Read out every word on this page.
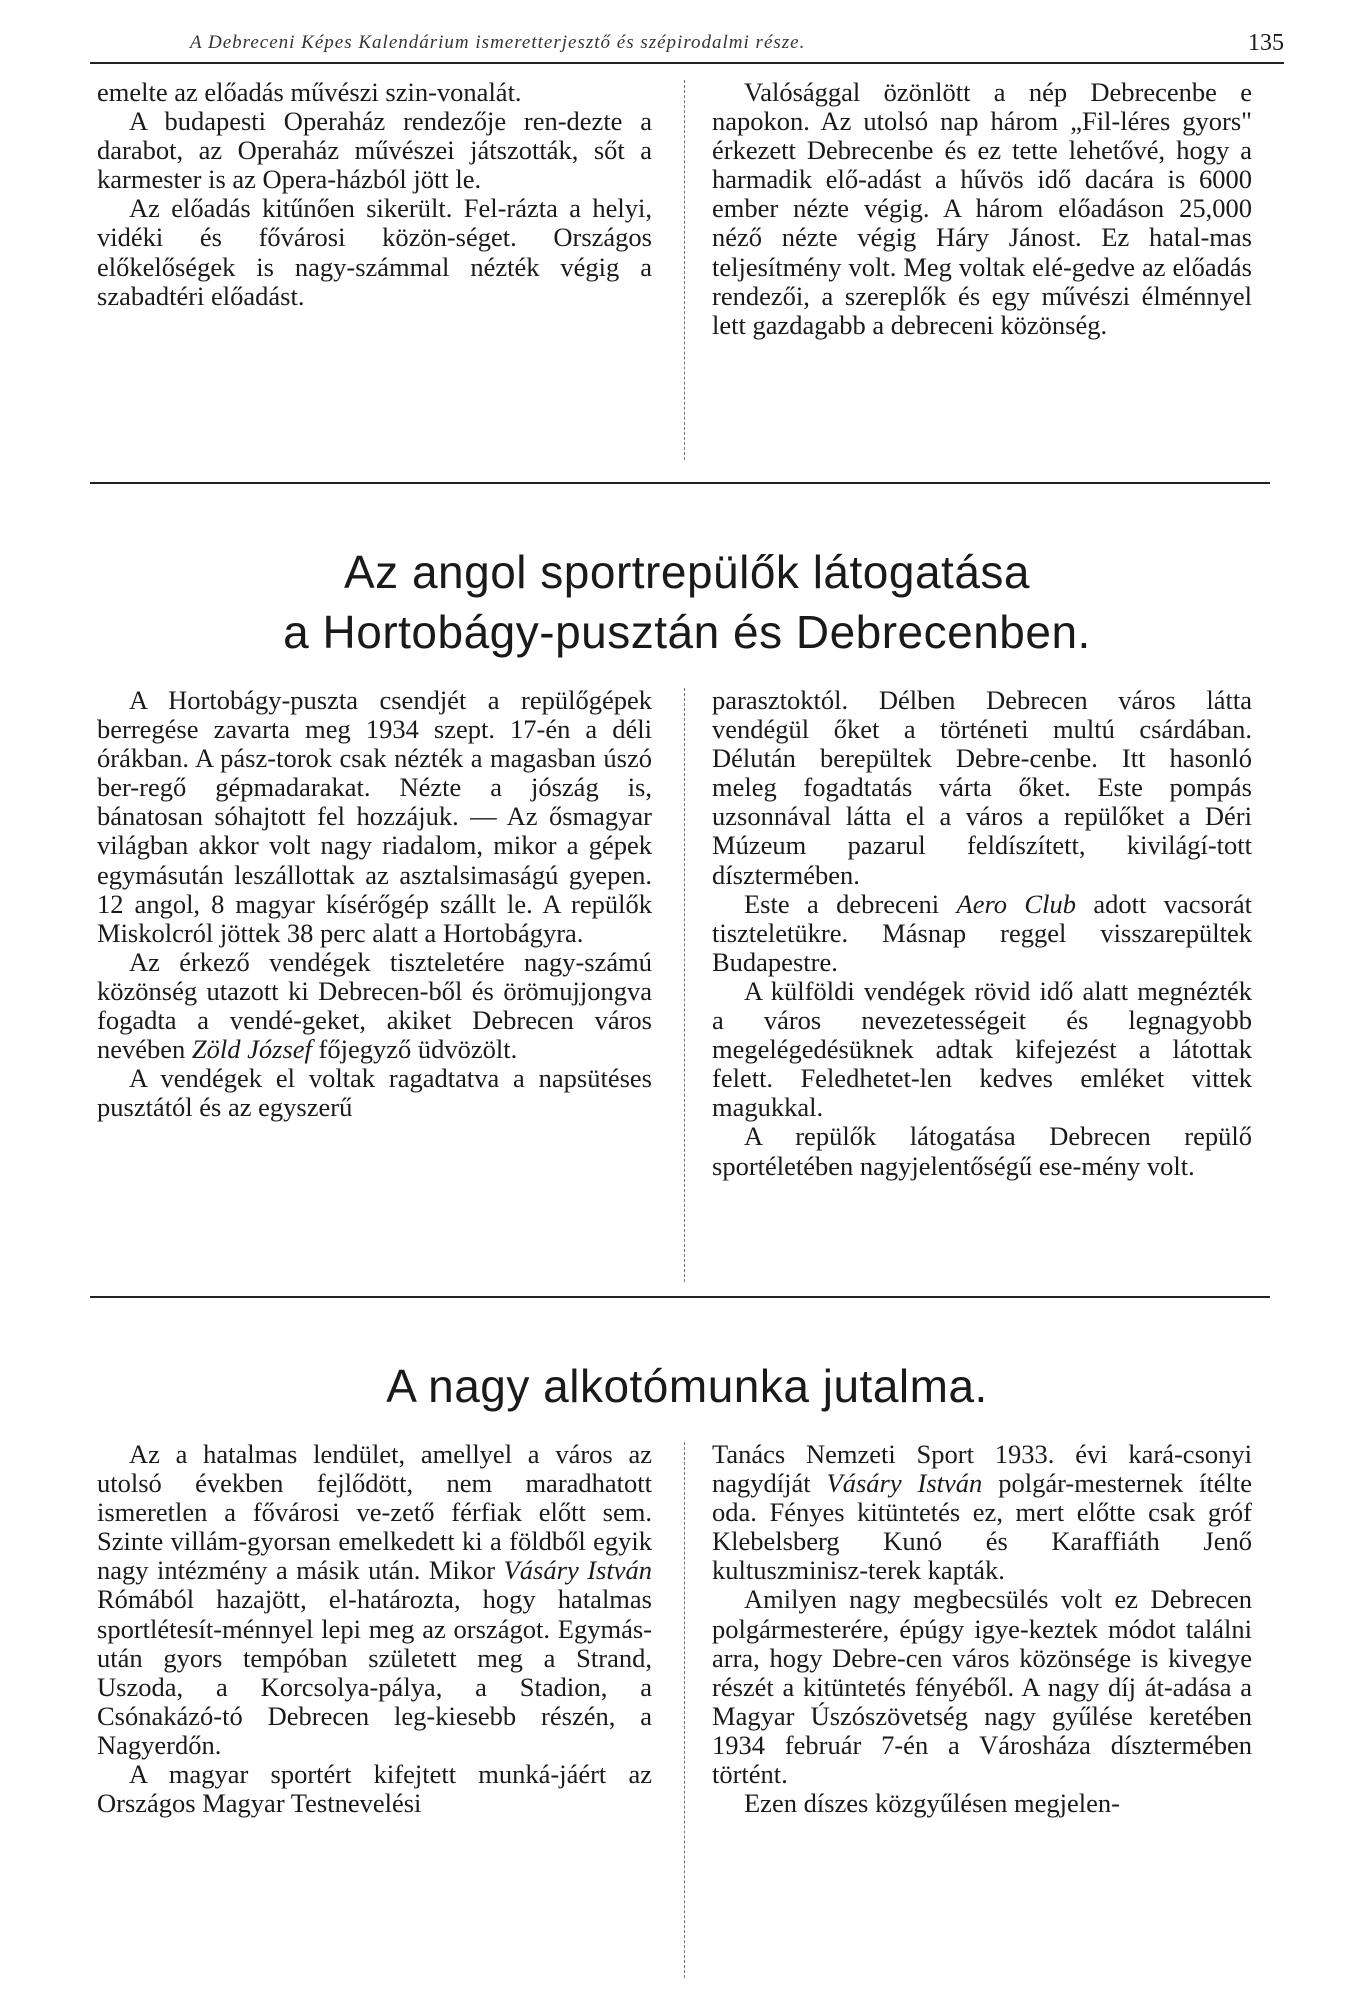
A Debreceni Képes Kalendárium ismeretterjesztő és szépirodalmi része.	135

emelte az előadás művészi szin-vonalát.

A budapesti Operaház rendezője ren-dezte a darabot, az Operaház művészei játszották, sőt a karmester is az Opera-házból jött le.

Az előadás kitűnően sikerült. Fel-rázta a helyi, vidéki és fővárosi közön-séget. Országos előkelőségek is nagy-számmal nézték végig a szabadtéri előadást.

Valósággal özönlött a nép Debrecenbe e napokon. Az utolsó nap három „Fil-léres gyors" érkezett Debrecenbe és ez tette lehetővé, hogy a harmadik elő-adást a hűvös idő dacára is 6000 ember nézte végig. A három előadáson 25,000 néző nézte végig Háry Jánost. Ez hatal-mas teljesítmény volt. Meg voltak elé-gedve az előadás rendezői, a szereplők és egy művészi élménnyel lett gazdagabb a debreceni közönség.

Az angol sportrepülők látogatása
a Hortobágy-pusztán és Debrecenben.

A Hortobágy-puszta csendjét a repülőgépek berregése zavarta meg 1934 szept. 17-én a déli órákban. A pász-torok csak nézték a magasban úszó ber-regő gépmadarakat. Nézte a jószág is, bánatosan sóhajtott fel hozzájuk. — Az ősmagyar világban akkor volt nagy riadalom, mikor a gépek egymásután leszállottak az asztalsimaságú gyepen. 12 angol, 8 magyar kísérőgép szállt le. A repülők Miskolcról jöttek 38 perc alatt a Hortobágyra.

Az érkező vendégek tiszteletére nagy-számú közönség utazott ki Debrecen-ből és örömujjongva fogadta a vendé-geket, akiket Debrecen város nevében Zöld József főjegyző üdvözölt.

A vendégek el voltak ragadtatva a napsütéses pusztától és az egyszerű

parasztoktól. Délben Debrecen város látta vendégül őket a történeti multú csárdában. Délután berepültek Debre-cenbe. Itt hasonló meleg fogadtatás várta őket. Este pompás uzsonnával látta el a város a repülőket a Déri Múzeum pazarul feldíszített, kivilágí-tott dísztermében.

Este a debreceni Aero Club adott vacsorát tiszteletükre. Másnap reggel visszarepültek Budapestre.

A külföldi vendégek rövid idő alatt megnézték a város nevezetességeit és legnagyobb megelégedésüknek adtak kifejezést a látottak felett. Feledhetet-len kedves emléket vittek magukkal.

A repülők látogatása Debrecen repülő sportéletében nagyjelentőségű ese-mény volt.

A nagy alkotómunka jutalma.

Az a hatalmas lendület, amellyel a város az utolsó években fejlődött, nem maradhatott ismeretlen a fővárosi ve-zető férfiak előtt sem. Szinte villám-gyorsan emelkedett ki a földből egyik nagy intézmény a másik után. Mikor Vásáry István Rómából hazajött, el-határozta, hogy hatalmas sportlétesít-ménnyel lepi meg az országot. Egymás-után gyors tempóban született meg a Strand, Uszoda, a Korcsolya-pálya, a Stadion, a Csónakázó-tó Debrecen leg-kiesebb részén, a Nagyerdőn.

A magyar sportért kifejtett munká-jáért az Országos Magyar Testnevelési

Tanács Nemzeti Sport 1933. évi kará-csonyi nagydíját Vásáry István polgár-mesternek ítélte oda. Fényes kitüntetés ez, mert előtte csak gróf Klebelsberg Kunó és Karaffiáth Jenő kultuszminisz-terek kapták.

Amilyen nagy megbecsülés volt ez Debrecen polgármesterére, épúgy igye-keztek módot találni arra, hogy Debre-cen város közönsége is kivegye részét a kitüntetés fényéből. A nagy díj át-adása a Magyar Úszószövetség nagy gyűlése keretében 1934 február 7-én a Városháza dísztermében történt.

Ezen díszes közgyűlésen megjelen-
